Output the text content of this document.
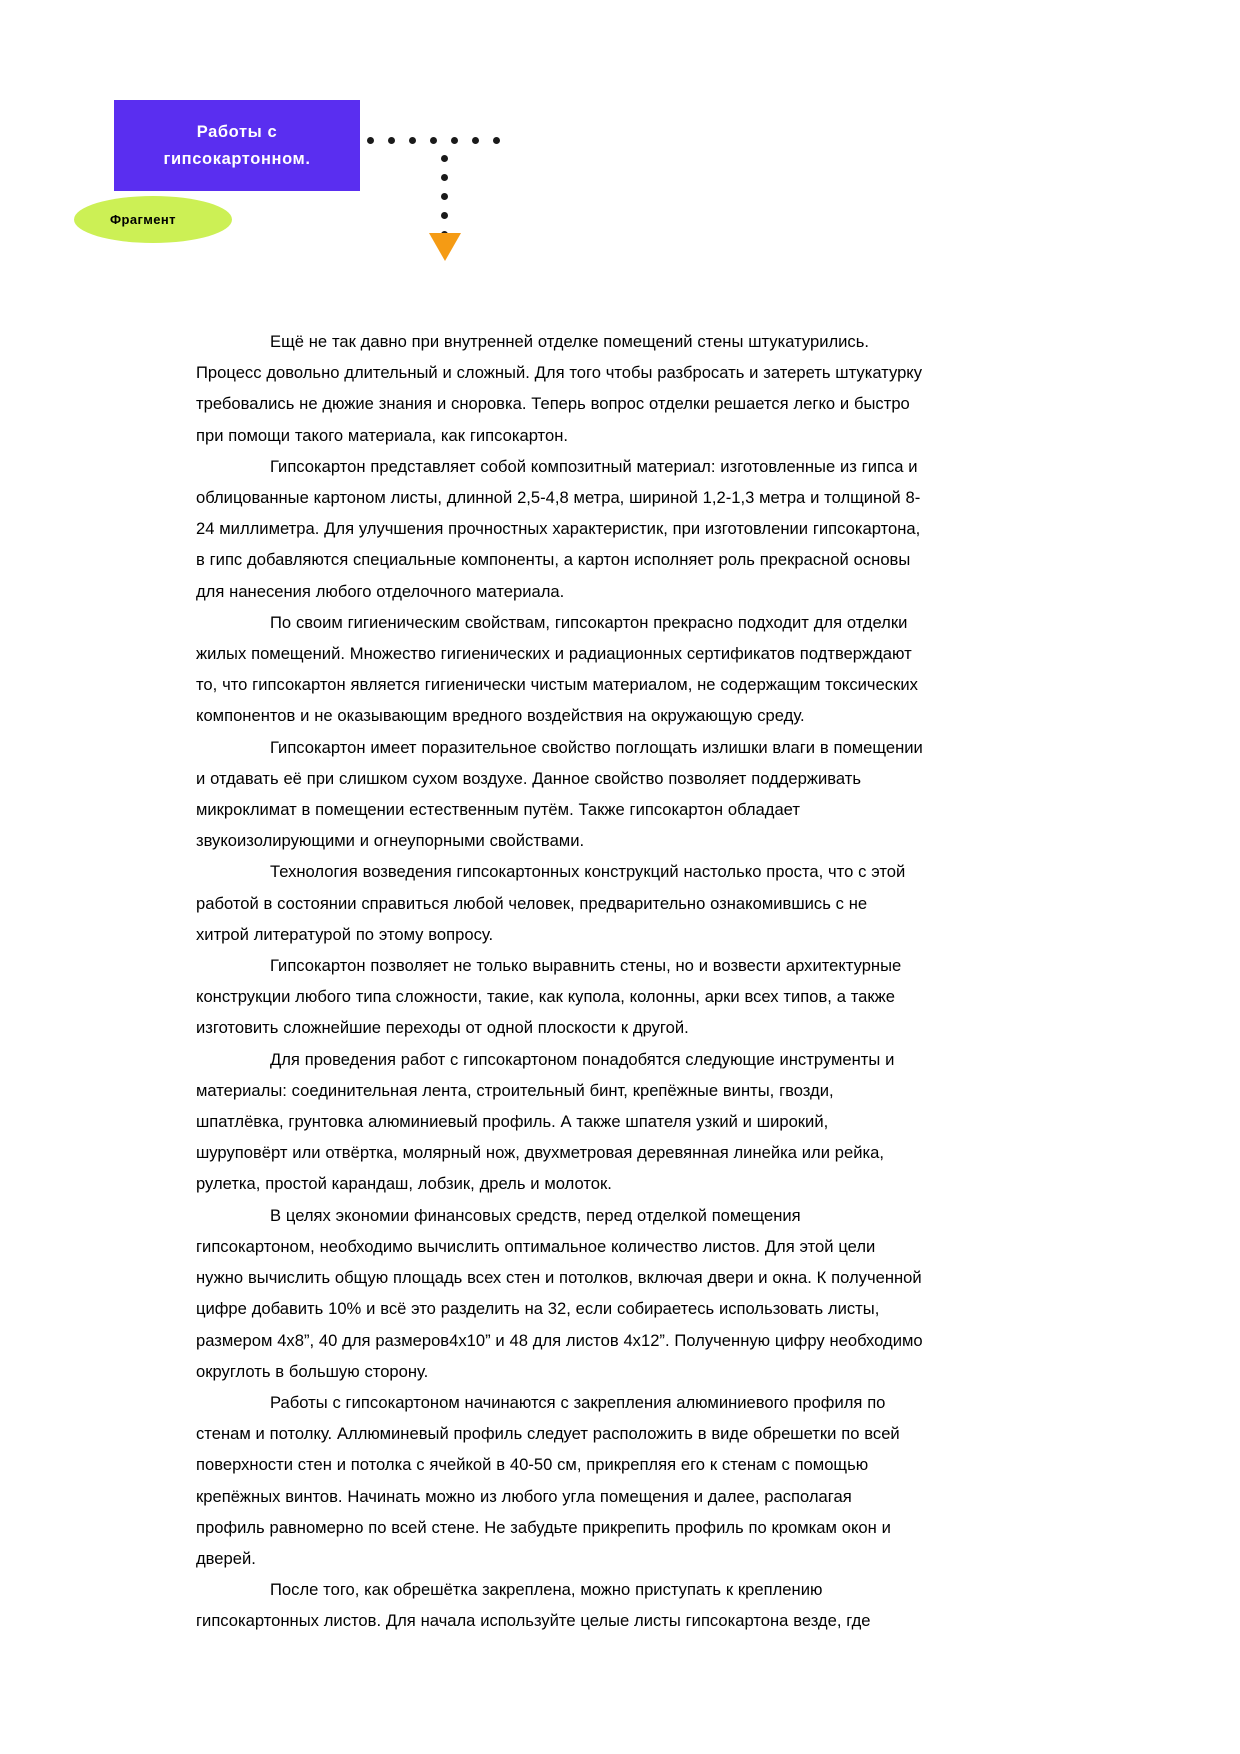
Работы с
гипсокартонном.
Фрагмент

Ещё не так давно при внутренней отделке помещений стены штукатурились. Процесс довольно длительный и сложный. Для того чтобы разбросать и затереть штукатурку требовались не дюжие знания и сноровка. Теперь вопрос отделки решается легко и быстро при помощи такого материала, как гипсокартон.

Гипсокартон представляет собой композитный материал: изготовленные из гипса и облицованные картоном листы, длинной 2,5-4,8 метра, шириной 1,2-1,3 метра и толщиной 8-24 миллиметра. Для улучшения прочностных характеристик, при изготовлении гипсокартона, в гипс добавляются специальные компоненты, а картон исполняет роль прекрасной основы для нанесения любого отделочного материала.

По своим гигиеническим свойствам, гипсокартон прекрасно подходит для отделки жилых помещений. Множество гигиенических и радиационных сертификатов подтверждают то, что гипсокартон является гигиенически чистым материалом, не содержащим токсических компонентов и не оказывающим вредного воздействия на окружающую среду.

Гипсокартон имеет поразительное свойство поглощать излишки влаги в помещении и отдавать её при слишком сухом воздухе. Данное свойство позволяет поддерживать микроклимат в помещении естественным путём. Также гипсокартон обладает звукоизолирующими и огнеупорными свойствами.

Технология возведения гипсокартонных конструкций настолько проста, что с этой работой в состоянии справиться любой человек, предварительно ознакомившись с не хитрой литературой по этому вопросу.

Гипсокартон позволяет не только выравнить стены, но и возвести архитектурные конструкции любого типа сложности, такие, как купола, колонны, арки всех типов, а также изготовить сложнейшие переходы от одной плоскости к другой.

Для проведения работ с гипсокартоном понадобятся следующие инструменты и материалы: соединительная лента, строительный бинт, крепёжные винты, гвозди, шпатлёвка, грунтовка алюминиевый профиль. А также шпателя узкий и широкий, шуруповёрт или отвёртка, молярный нож, двухметровая деревянная линейка или рейка, рулетка, простой карандаш, лобзик, дрель и молоток.

В целях экономии финансовых средств, перед отделкой помещения гипсокартоном, необходимо вычислить оптимальное количество листов. Для этой цели нужно вычислить общую площадь всех стен и потолков, включая двери и окна. К полученной цифре добавить 10% и всё это разделить на 32, если собираетесь использовать листы, размером 4х8”, 40 для размеров4х10” и 48 для листов 4х12”. Полученную цифру необходимо округлоть в большую сторону.

Работы с гипсокартоном начинаются с закрепления алюминиевого профиля по стенам и потолку. Аллюминевый профиль следует расположить в виде обрешетки по всей поверхности стен и потолка с ячейкой в 40-50 см, прикрепляя его к стенам с помощью крепёжных винтов. Начинать можно из любого угла помещения и далее, располагая профиль равномерно по всей стене. Не забудьте прикрепить профиль по кромкам окон и дверей.

После того, как обрешётка закреплена, можно приступать к креплению гипсокартонных листов. Для начала используйте целые листы гипсокартона везде, где
